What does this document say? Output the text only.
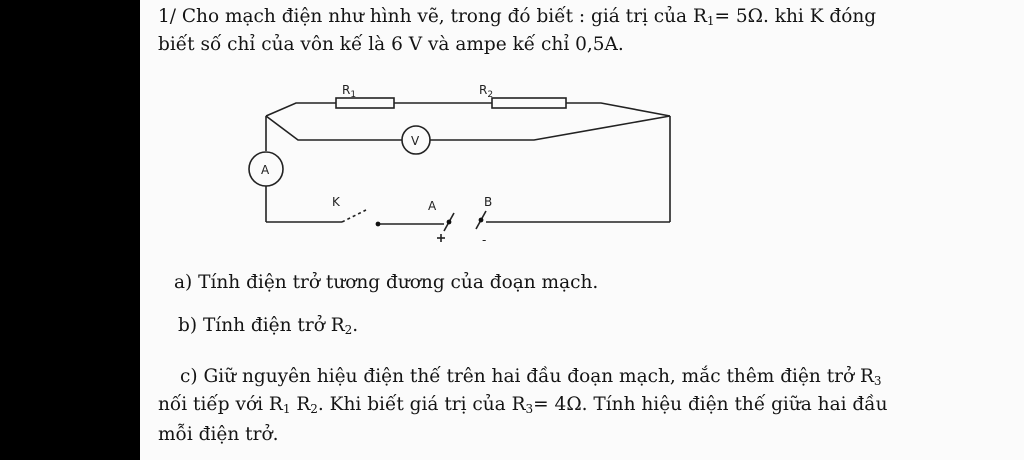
1/ Cho mạch điện như hình vẽ, trong đó biết : giá trị của $R_1= 5\Omega$. khi K đóng
biết số chỉ của vôn kế là 6 V và ampe kế chỉ 0,5A.
$R_1$	$R_2$
V
A
K	A	B
-
a) Tính điện trở tương đương của đoạn mạch.
b) Tính điện trở $R_2$.
c) Giữ nguyên hiệu điện thế trên hai đầu đoạn mạch, mắc thêm điện trở $R_3$
nối tiếp với $R_1$ $R_2$. Khi biết giá trị của $R_3= 4\Omega$. Tính hiệu điện thế giữa hai đầu
mỗi điện trở.
